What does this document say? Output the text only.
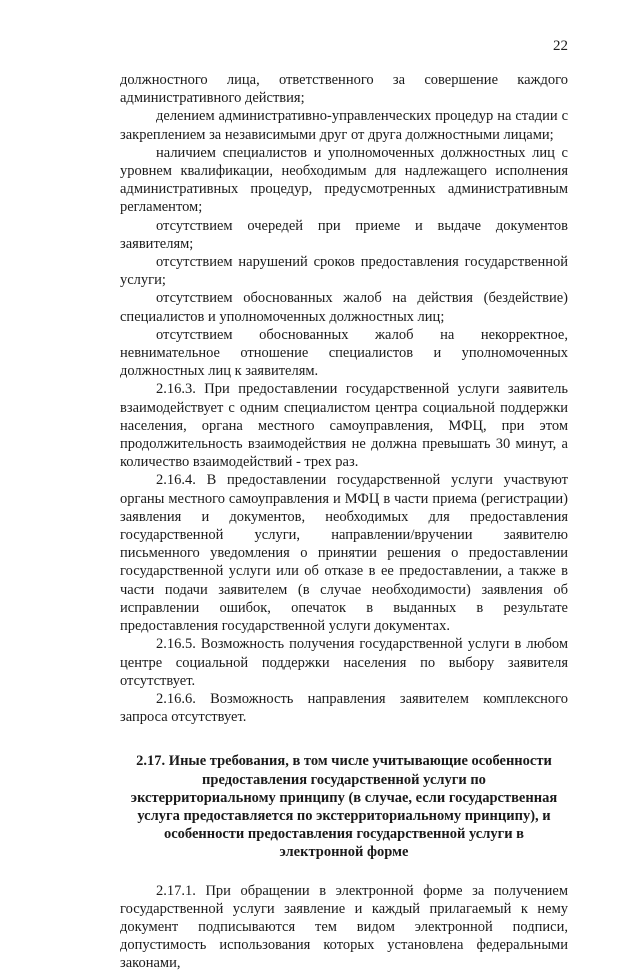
22

должностного лица, ответственного за совершение каждого административного действия;

делением административно-управленческих процедур на стадии с закреплением за независимыми друг от друга должностными лицами;

наличием специалистов и уполномоченных должностных лиц с уровнем квалификации, необходимым для надлежащего исполнения административных процедур, предусмотренных административным регламентом;

отсутствием очередей при приеме и выдаче документов заявителям;

отсутствием нарушений сроков предоставления государственной услуги;

отсутствием обоснованных жалоб на действия (бездействие) специалистов и уполномоченных должностных лиц;

отсутствием обоснованных жалоб на некорректное, невнимательное отношение специалистов и уполномоченных должностных лиц к заявителям.

2.16.3. При предоставлении государственной услуги заявитель взаимодействует с одним специалистом центра социальной поддержки населения, органа местного самоуправления, МФЦ, при этом продолжительность взаимодействия не должна превышать 30 минут, а количество взаимодействий - трех раз.

2.16.4. В предоставлении государственной услуги участвуют органы местного самоуправления и МФЦ в части приема (регистрации) заявления и документов, необходимых для предоставления государственной услуги, направлении/вручении заявителю письменного уведомления о принятии решения о предоставлении государственной услуги или об отказе в ее предоставлении, а также в части подачи заявителем (в случае необходимости) заявления об исправлении ошибок, опечаток в выданных в результате предоставления государственной услуги документах.

2.16.5. Возможность получения государственной услуги в любом центре социальной поддержки населения по выбору заявителя отсутствует.

2.16.6. Возможность направления заявителем комплексного запроса отсутствует.

2.17. Иные требования, в том числе учитывающие особенности предоставления государственной услуги по экстерриториальному принципу (в случае, если государственная услуга предоставляется по экстерриториальному принципу), и особенности предоставления государственной услуги в электронной форме

2.17.1. При обращении в электронной форме за получением государственной услуги заявление и каждый прилагаемый к нему документ подписываются тем видом электронной подписи, допустимость использования которых установлена федеральными законами,
